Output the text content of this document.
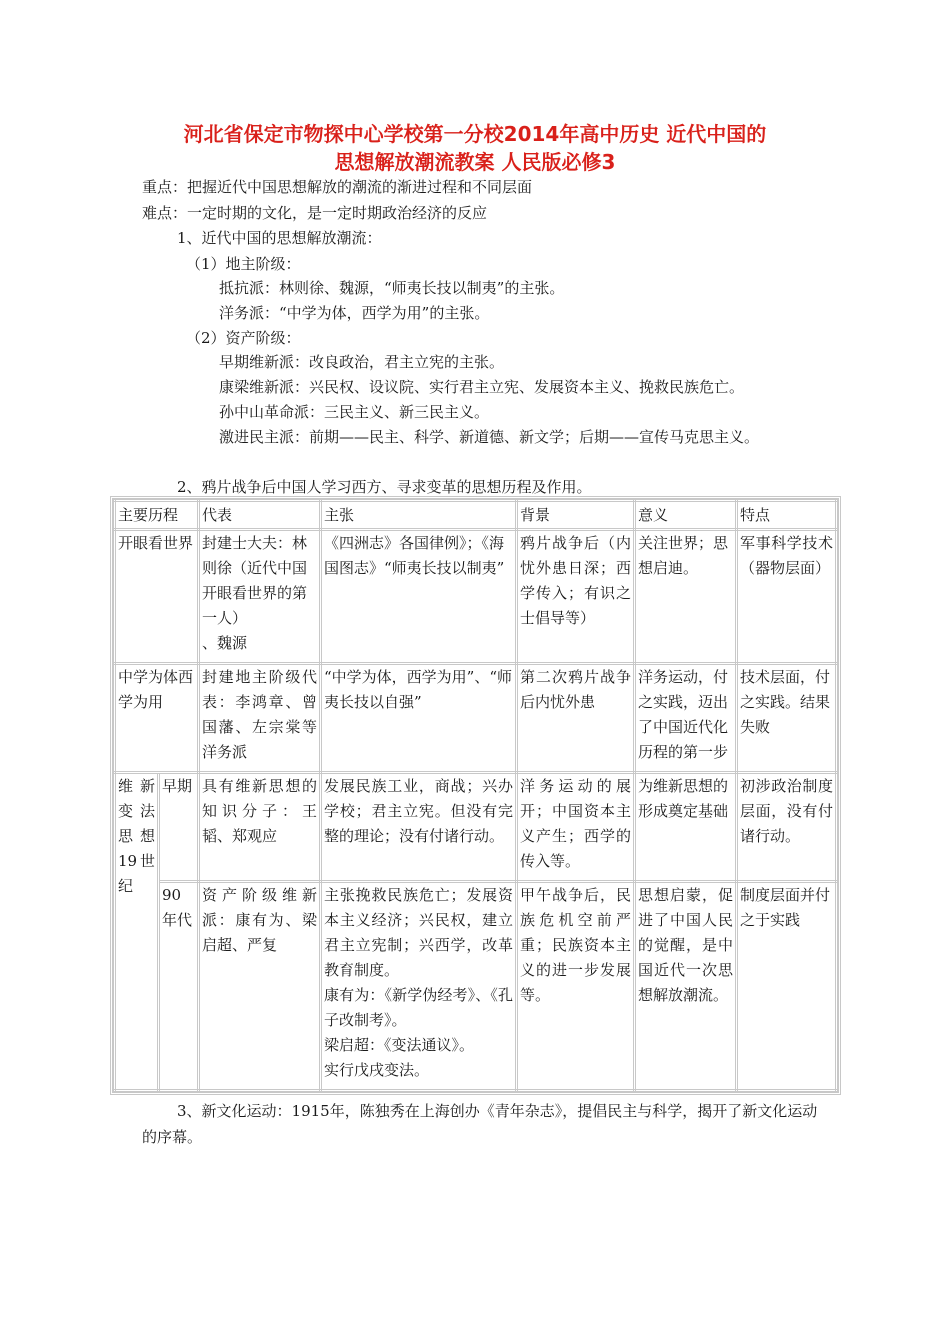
河北省保定市物探中心学校第一分校2014年高中历史 近代中国的
思想解放潮流教案 人民版必修3
重点：把握近代中国思想解放的潮流的渐进过程和不同层面
难点：一定时期的文化，是一定时期政治经济的反应
1、近代中国的思想解放潮流：
（1）地主阶级：
抵抗派：林则徐、魏源，“师夷长技以制夷”的主张。
洋务派：“中学为体，西学为用”的主张。
（2）资产阶级：
早期维新派：改良政治，君主立宪的主张。
康梁维新派：兴民权、设议院、实行君主立宪、发展资本主义、挽救民族危亡。
孙中山革命派：三民主义、新三民主义。
激进民主派：前期——民主、科学、新道德、新文学；后期——宣传马克思主义。
2、鸦片战争后中国人学习西方、寻求变革的思想历程及作用。
主要历程		代表	主张	背景	意义	特点
开眼看世界		封建士大夫：林则徐（近代中国开眼看世界的第一人）
、魏源	《四洲志》各国律例》；《海国图志》“师夷长技以制夷”	鸦片战争后（内忧外患日深；西学传入；有识之士倡导等）	关注世界；思想启迪。	军事科学技术（器物层面）
中学为体西学为用		封建地主阶级代表：李鸿章、曾国藩、左宗棠等洋务派	“中学为体，西学为用”、“师夷长技以自强”	第二次鸦片战争后内忧外患	洋务运动，付之实践，迈出了中国近代化历程的第一步	技术层面，付之实践。结果失败
维新变法思想19世纪	早期	具有维新思想的知识分子：王韬、郑观应	发展民族工业，商战；兴办学校；君主立宪。但没有完整的理论；没有付诸行动。	洋务运动的展开；中国资本主义产生；西学的传入等。	为维新思想的形成奠定基础	初涉政治制度层面，没有付诸行动。
	90年代	资产阶级维新派：康有为、梁启超、严复	主张挽救民族危亡；发展资本主义经济；兴民权，建立君主立宪制；兴西学，改革教育制度。
康有为：《新学伪经考》、《孔子改制考》。
梁启超：《变法通议》。
实行戊戌变法。	甲午战争后，民族危机空前严重；民族资本主义的进一步发展等。	思想启蒙，促进了中国人民的觉醒，是中国近代一次思想解放潮流。	制度层面并付之于实践
3、新文化运动：1915年，陈独秀在上海创办《青年杂志》，提倡民主与科学，揭开了新文化运动的序幕。
